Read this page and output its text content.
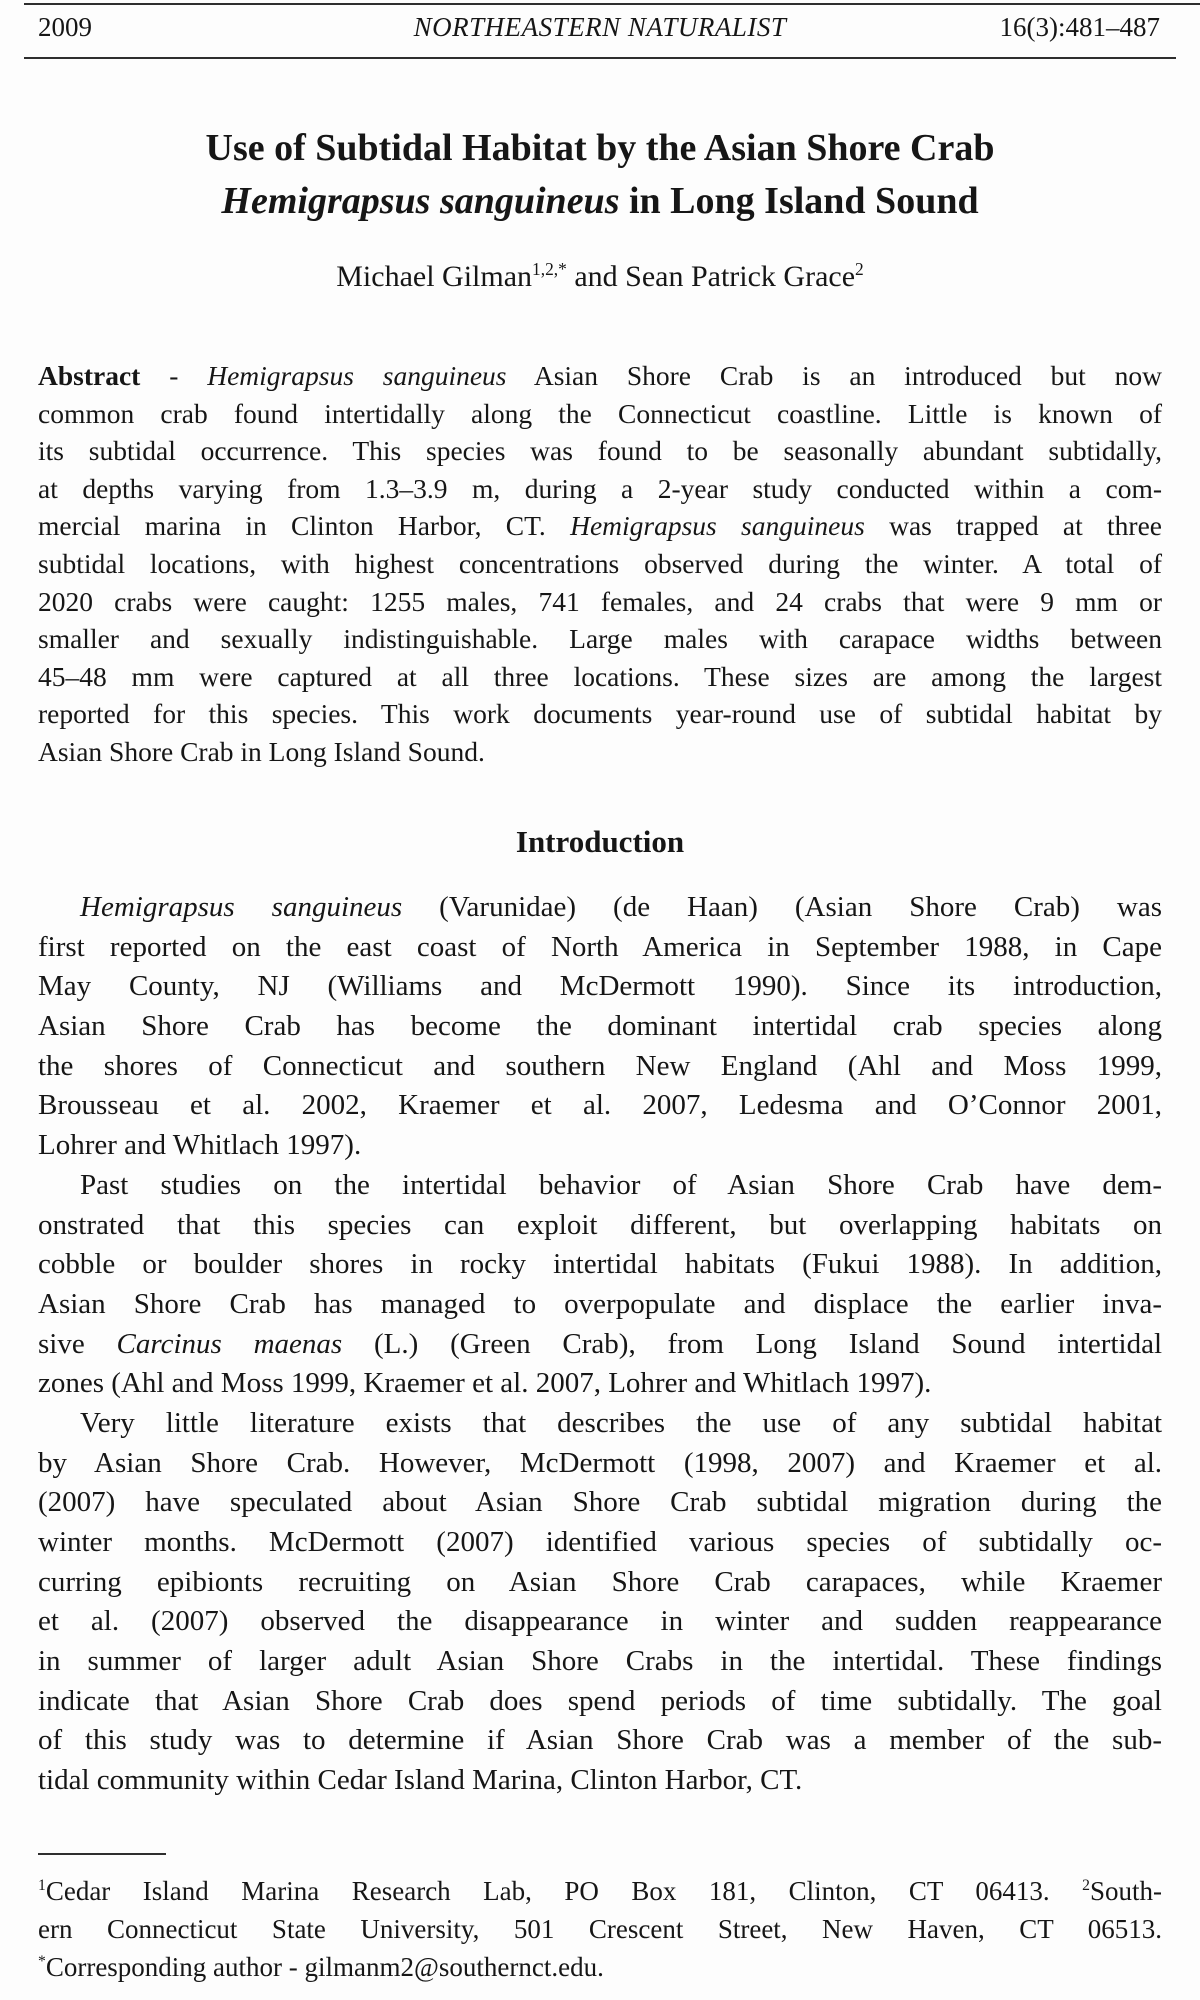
2009	NORTHEASTERN NATURALIST	16(3):481–487
Use of Subtidal Habitat by the Asian Shore Crab
Hemigrapsus sanguineus in Long Island Sound
Michael Gilman$^{1,2,*}$ and Sean Patrick Grace$^2$
Abstract - Hemigrapsus sanguineus Asian Shore Crab is an introduced but now
common crab found intertidally along the Connecticut coastline. Little is known of
its subtidal occurrence. This species was found to be seasonally abundant subtidally,
at depths varying from 1.3–3.9 m, during a 2-year study conducted within a com-
mercial marina in Clinton Harbor, CT. Hemigrapsus sanguineus was trapped at three
subtidal locations, with highest concentrations observed during the winter. A total of
2020 crabs were caught: 1255 males, 741 females, and 24 crabs that were 9 mm or
smaller and sexually indistinguishable. Large males with carapace widths between
45–48 mm were captured at all three locations. These sizes are among the largest
reported for this species. This work documents year-round use of subtidal habitat by
Asian Shore Crab in Long Island Sound.
Introduction
Hemigrapsus sanguineus (Varunidae) (de Haan) (Asian Shore Crab) was
first reported on the east coast of North America in September 1988, in Cape
May County, NJ (Williams and McDermott 1990). Since its introduction,
Asian Shore Crab has become the dominant intertidal crab species along
the shores of Connecticut and southern New England (Ahl and Moss 1999,
Brousseau et al. 2002, Kraemer et al. 2007, Ledesma and O’Connor 2001,
Lohrer and Whitlach 1997).
Past studies on the intertidal behavior of Asian Shore Crab have dem-
onstrated that this species can exploit different, but overlapping habitats on
cobble or boulder shores in rocky intertidal habitats (Fukui 1988). In addition,
Asian Shore Crab has managed to overpopulate and displace the earlier inva-
sive Carcinus maenas (L.) (Green Crab), from Long Island Sound intertidal
zones (Ahl and Moss 1999, Kraemer et al. 2007, Lohrer and Whitlach 1997).
Very little literature exists that describes the use of any subtidal habitat
by Asian Shore Crab. However, McDermott (1998, 2007) and Kraemer et al.
(2007) have speculated about Asian Shore Crab subtidal migration during the
winter months. McDermott (2007) identified various species of subtidally oc-
curring epibionts recruiting on Asian Shore Crab carapaces, while Kraemer
et al. (2007) observed the disappearance in winter and sudden reappearance
in summer of larger adult Asian Shore Crabs in the intertidal. These findings
indicate that Asian Shore Crab does spend periods of time subtidally. The goal
of this study was to determine if Asian Shore Crab was a member of the sub-
tidal community within Cedar Island Marina, Clinton Harbor, CT.
$^1$Cedar Island Marina Research Lab, PO Box 181, Clinton, CT 06413. $^2$South-
ern Connecticut State University, 501 Crescent Street, New Haven, CT 06513.
*Corresponding author - gilmanm2@southernct.edu.
